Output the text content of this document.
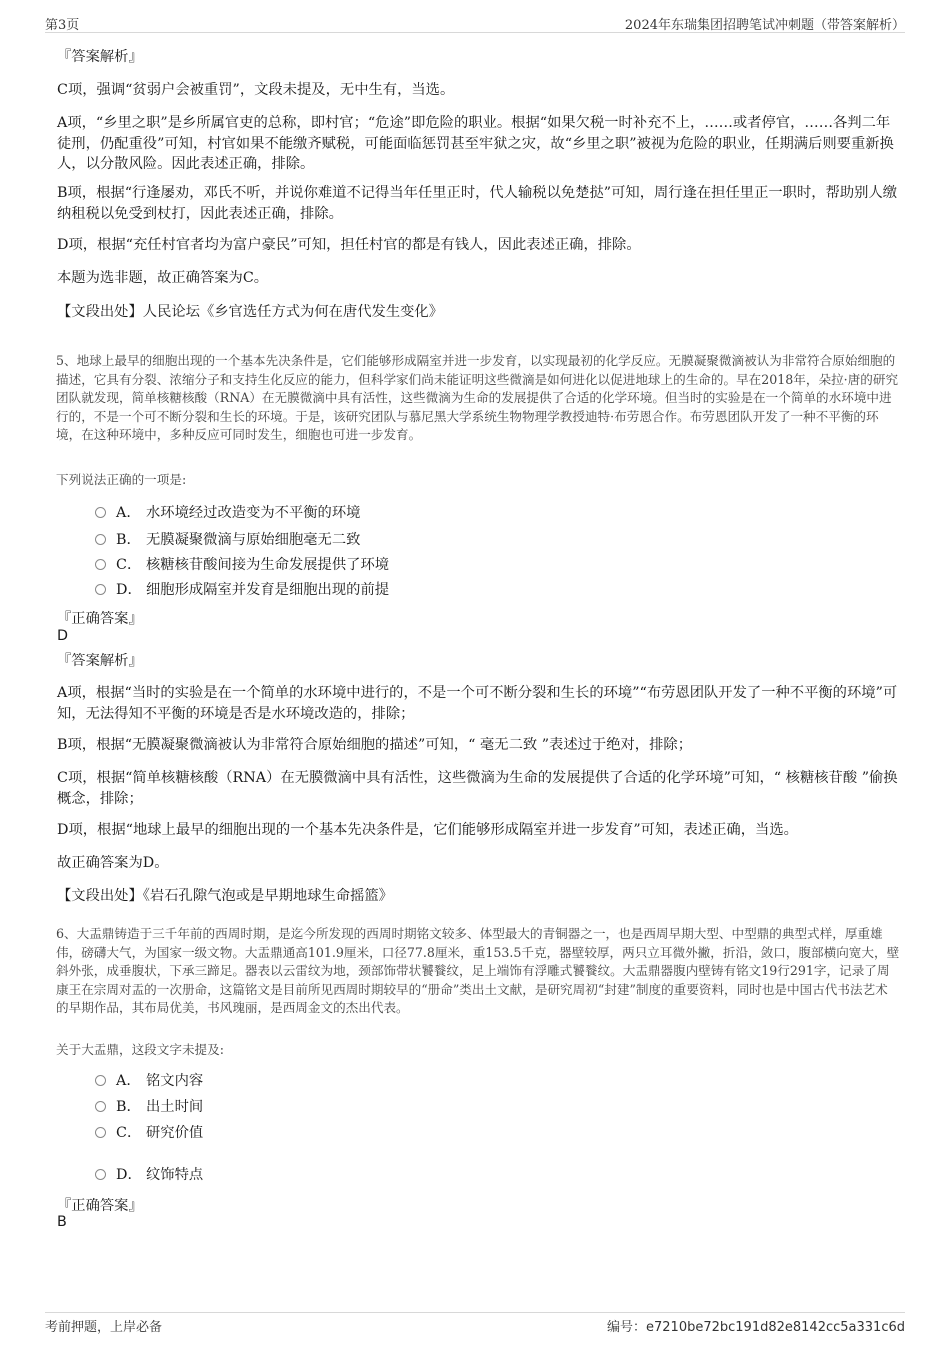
第3页	2024年东瑞集团招聘笔试冲刺题（带答案解析）
『答案解析』
C项，强调“贫弱户会被重罚”，文段未提及，无中生有，当选。
A项，“乡里之职”是乡所属官吏的总称，即村官；“危途”即危险的职业。根据“如果欠税一时补充不上，……或者停官，……各判二年徒刑，仍配重役”可知，村官如果不能缴齐赋税，可能面临惩罚甚至牢狱之灾，故“乡里之职”被视为危险的职业，任期满后则要重新换人，以分散风险。因此表述正确，排除。
B项，根据“行逢屡劝，邓氏不听，并说你难道不记得当年任里正时，代人输税以免楚挞”可知，周行逢在担任里正一职时，帮助别人缴纳租税以免受到杖打，因此表述正确，排除。
D项，根据“充任村官者均为富户豪民”可知，担任村官的都是有钱人，因此表述正确，排除。
本题为选非题，故正确答案为C。
【文段出处】人民论坛《乡官选任方式为何在唐代发生变化》
5、地球上最早的细胞出现的一个基本先决条件是，它们能够形成隔室并进一步发育，以实现最初的化学反应。无膜凝聚微滴被认为非常符合原始细胞的描述，它具有分裂、浓缩分子和支持生化反应的能力，但科学家们尚未能证明这些微滴是如何进化以促进地球上的生命的。早在2018年，朵拉·唐的研究团队就发现，简单核糖核酸（RNA）在无膜微滴中具有活性，这些微滴为生命的发展提供了合适的化学环境。但当时的实验是在一个简单的水环境中进行的，不是一个可不断分裂和生长的环境。于是，该研究团队与慕尼黑大学系统生物物理学教授迪特·布劳恩合作。布劳恩团队开发了一种不平衡的环境，在这种环境中，多种反应可同时发生，细胞也可进一步发育。
下列说法正确的一项是:
A． 水环境经过改造变为不平衡的环境
B． 无膜凝聚微滴与原始细胞毫无二致
C． 核糖核苷酸间接为生命发展提供了环境
D． 细胞形成隔室并发育是细胞出现的前提
『正确答案』
D
『答案解析』
A项，根据“当时的实验是在一个简单的水环境中进行的，不是一个可不断分裂和生长的环境”“布劳恩团队开发了一种不平衡的环境”可知，无法得知不平衡的环境是否是水环境改造的，排除；
B项，根据“无膜凝聚微滴被认为非常符合原始细胞的描述”可知，“ 毫无二致 ”表述过于绝对，排除；
C项，根据“简单核糖核酸（RNA）在无膜微滴中具有活性，这些微滴为生命的发展提供了合适的化学环境”可知，“ 核糖核苷酸 ”偷换概念，排除；
D项，根据“地球上最早的细胞出现的一个基本先决条件是，它们能够形成隔室并进一步发育”可知，表述正确，当选。
故正确答案为D。
【文段出处】《岩石孔隙气泡或是早期地球生命摇篮》
6、大盂鼎铸造于三千年前的西周时期，是迄今所发现的西周时期铭文较多、体型最大的青铜器之一，也是西周早期大型、中型鼎的典型式样，厚重雄伟，磅礴大气，为国家一级文物。大盂鼎通高101.9厘米，口径77.8厘米，重153.5千克，器壁较厚，两只立耳微外撇，折沿，敛口，腹部横向宽大，壁斜外张，成垂腹状，下承三蹄足。器表以云雷纹为地，颈部饰带状饕餮纹，足上端饰有浮雕式饕餮纹。大盂鼎器腹内壁铸有铭文19行291字，记录了周康王在宗周对盂的一次册命，这篇铭文是目前所见西周时期较早的“册命”类出土文献，是研究周初“封建”制度的重要资料，同时也是中国古代书法艺术的早期作品，其布局优美，书风瑰丽，是西周金文的杰出代表。
关于大盂鼎，这段文字未提及:
A． 铭文内容
B． 出土时间
C． 研究价值
D． 纹饰特点
『正确答案』
B
考前押题，上岸必备	编号：e7210be72bc191d82e8142cc5a331c6d
